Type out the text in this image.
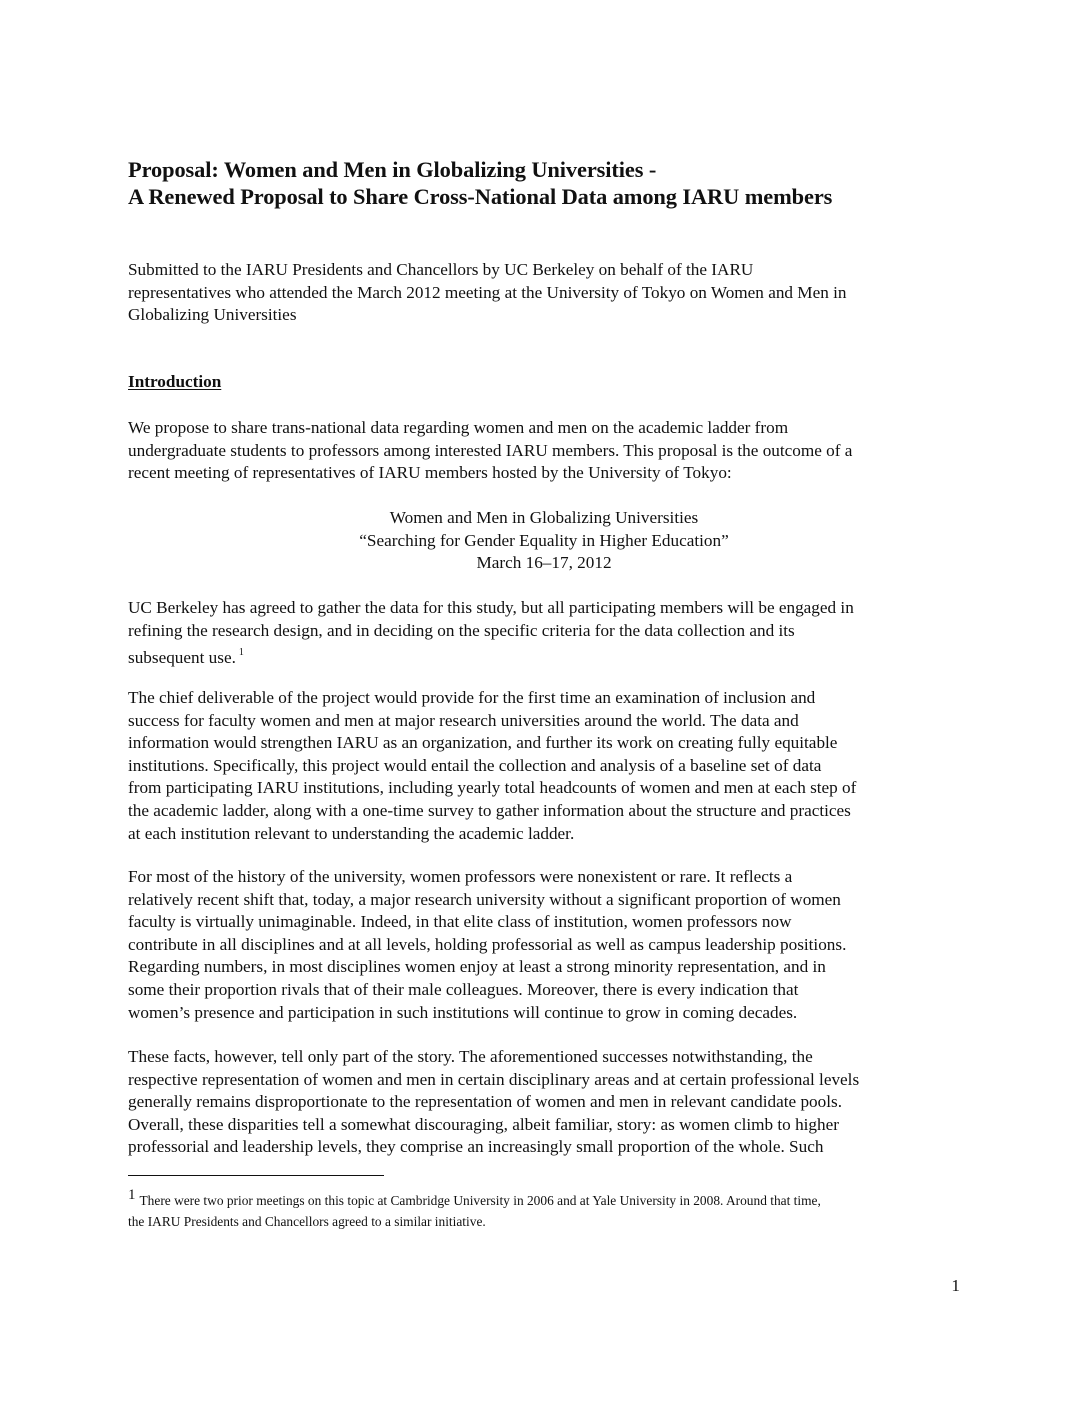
Proposal: Women and Men in Globalizing Universities -
A Renewed Proposal to Share Cross-National Data among IARU members
Submitted to the IARU Presidents and Chancellors by UC Berkeley on behalf of the IARU
representatives who attended the March 2012 meeting at the University of Tokyo on Women and Men in
Globalizing Universities
Introduction
We propose to share trans-national data regarding women and men on the academic ladder from
undergraduate students to professors among interested IARU members. This proposal is the outcome of a
recent meeting of representatives of IARU members hosted by the University of Tokyo:
Women and Men in Globalizing Universities
“Searching for Gender Equality in Higher Education”
March 16–17, 2012
UC Berkeley has agreed to gather the data for this study, but all participating members will be engaged in
refining the research design, and in deciding on the specific criteria for the data collection and its
subsequent use. $^1$
The chief deliverable of the project would provide for the first time an examination of inclusion and
success for faculty women and men at major research universities around the world. The data and
information would strengthen IARU as an organization, and further its work on creating fully equitable
institutions. Specifically, this project would entail the collection and analysis of a baseline set of data
from participating IARU institutions, including yearly total headcounts of women and men at each step of
the academic ladder, along with a one-time survey to gather information about the structure and practices
at each institution relevant to understanding the academic ladder.
For most of the history of the university, women professors were nonexistent or rare. It reflects a
relatively recent shift that, today, a major research university without a significant proportion of women
faculty is virtually unimaginable. Indeed, in that elite class of institution, women professors now
contribute in all disciplines and at all levels, holding professorial as well as campus leadership positions.
Regarding numbers, in most disciplines women enjoy at least a strong minority representation, and in
some their proportion rivals that of their male colleagues. Moreover, there is every indication that
women’s presence and participation in such institutions will continue to grow in coming decades.
These facts, however, tell only part of the story. The aforementioned successes notwithstanding, the
respective representation of women and men in certain disciplinary areas and at certain professional levels
generally remains disproportionate to the representation of women and men in relevant candidate pools.
Overall, these disparities tell a somewhat discouraging, albeit familiar, story: as women climb to higher
professorial and leadership levels, they comprise an increasingly small proportion of the whole. Such
1 There were two prior meetings on this topic at Cambridge University in 2006 and at Yale University in 2008. Around that time,
the IARU Presidents and Chancellors agreed to a similar initiative.
1
